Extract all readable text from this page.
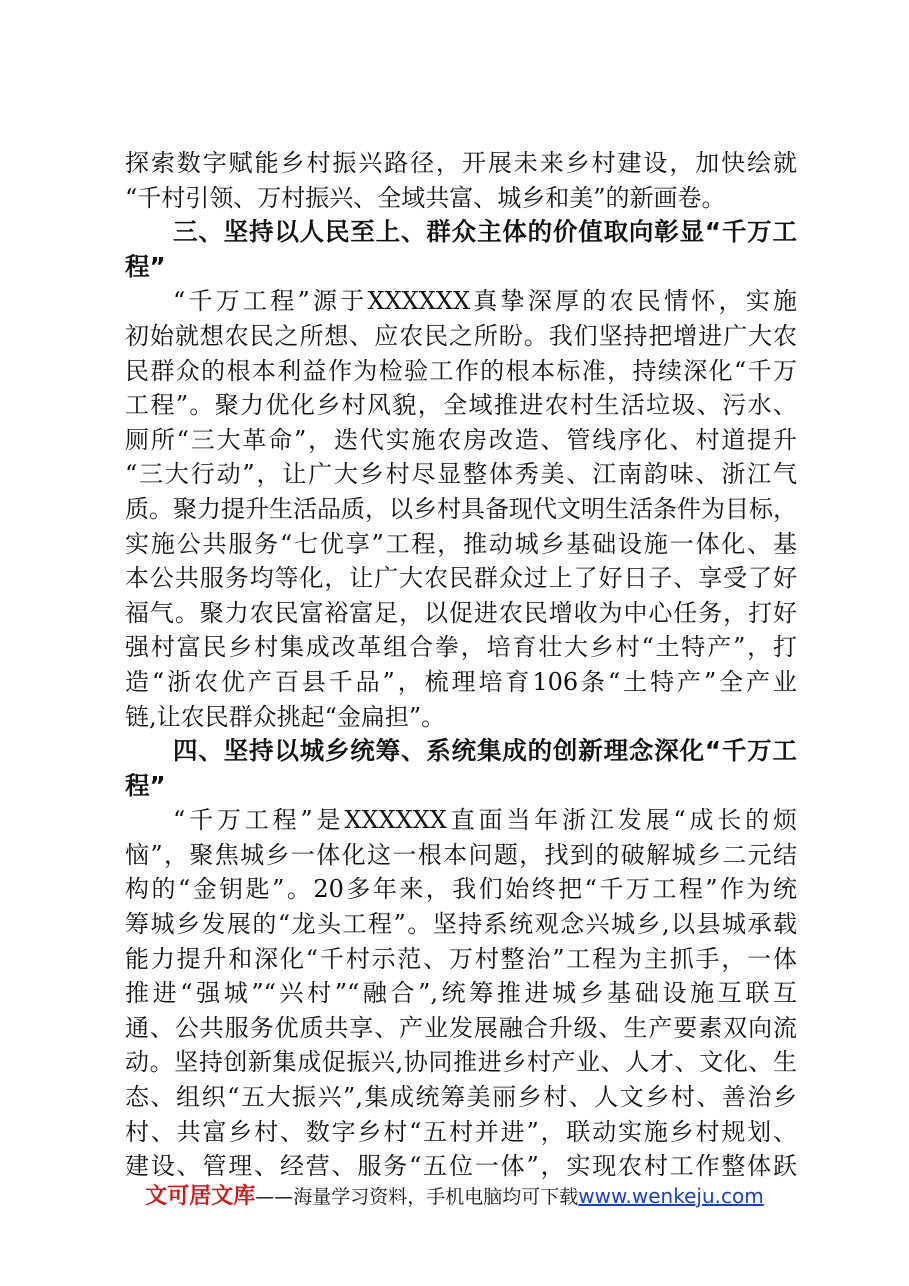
探索数字赋能乡村振兴路径，开展未来乡村建设，加快绘就
“千村引领、万村振兴、全域共富、城乡和美”的新画卷。
三、坚持以人民至上、群众主体的价值取向彰显“千万工
程”
“千万工程”源于XXXXXX真挚深厚的农民情怀，实施
初始就想农民之所想、应农民之所盼。我们坚持把增进广大农
民群众的根本利益作为检验工作的根本标准，持续深化“千万
工程”。聚力优化乡村风貌，全域推进农村生活垃圾、污水、
厕所“三大革命”，迭代实施农房改造、管线序化、村道提升
“三大行动”，让广大乡村尽显整体秀美、江南韵味、浙江气
质。聚力提升生活品质，以乡村具备现代文明生活条件为目标，
实施公共服务“七优享”工程，推动城乡基础设施一体化、基
本公共服务均等化，让广大农民群众过上了好日子、享受了好
福气。聚力农民富裕富足，以促进农民增收为中心任务，打好
强村富民乡村集成改革组合拳，培育壮大乡村“土特产”，打
造“浙农优产百县千品”，梳理培育106条“土特产”全产业
链,让农民群众挑起“金扁担”。
四、坚持以城乡统筹、系统集成的创新理念深化“千万工
程”
“千万工程”是XXXXXX直面当年浙江发展“成长的烦
恼”，聚焦城乡一体化这一根本问题，找到的破解城乡二元结
构的“金钥匙”。20多年来，我们始终把“千万工程”作为统
筹城乡发展的“龙头工程”。坚持系统观念兴城乡,以县城承载
能力提升和深化“千村示范、万村整治”工程为主抓手，一体
推进“强城”“兴村”“融合”,统筹推进城乡基础设施互联互
通、公共服务优质共享、产业发展融合升级、生产要素双向流
动。坚持创新集成促振兴,协同推进乡村产业、人才、文化、生
态、组织“五大振兴”,集成统筹美丽乡村、人文乡村、善治乡
村、共富乡村、数字乡村“五村并进”，联动实施乡村规划、
建设、管理、经营、服务“五位一体”，实现农村工作整体跃
文可居文库——海量学习资料，手机电脑均可下载www.wenkeju.com
